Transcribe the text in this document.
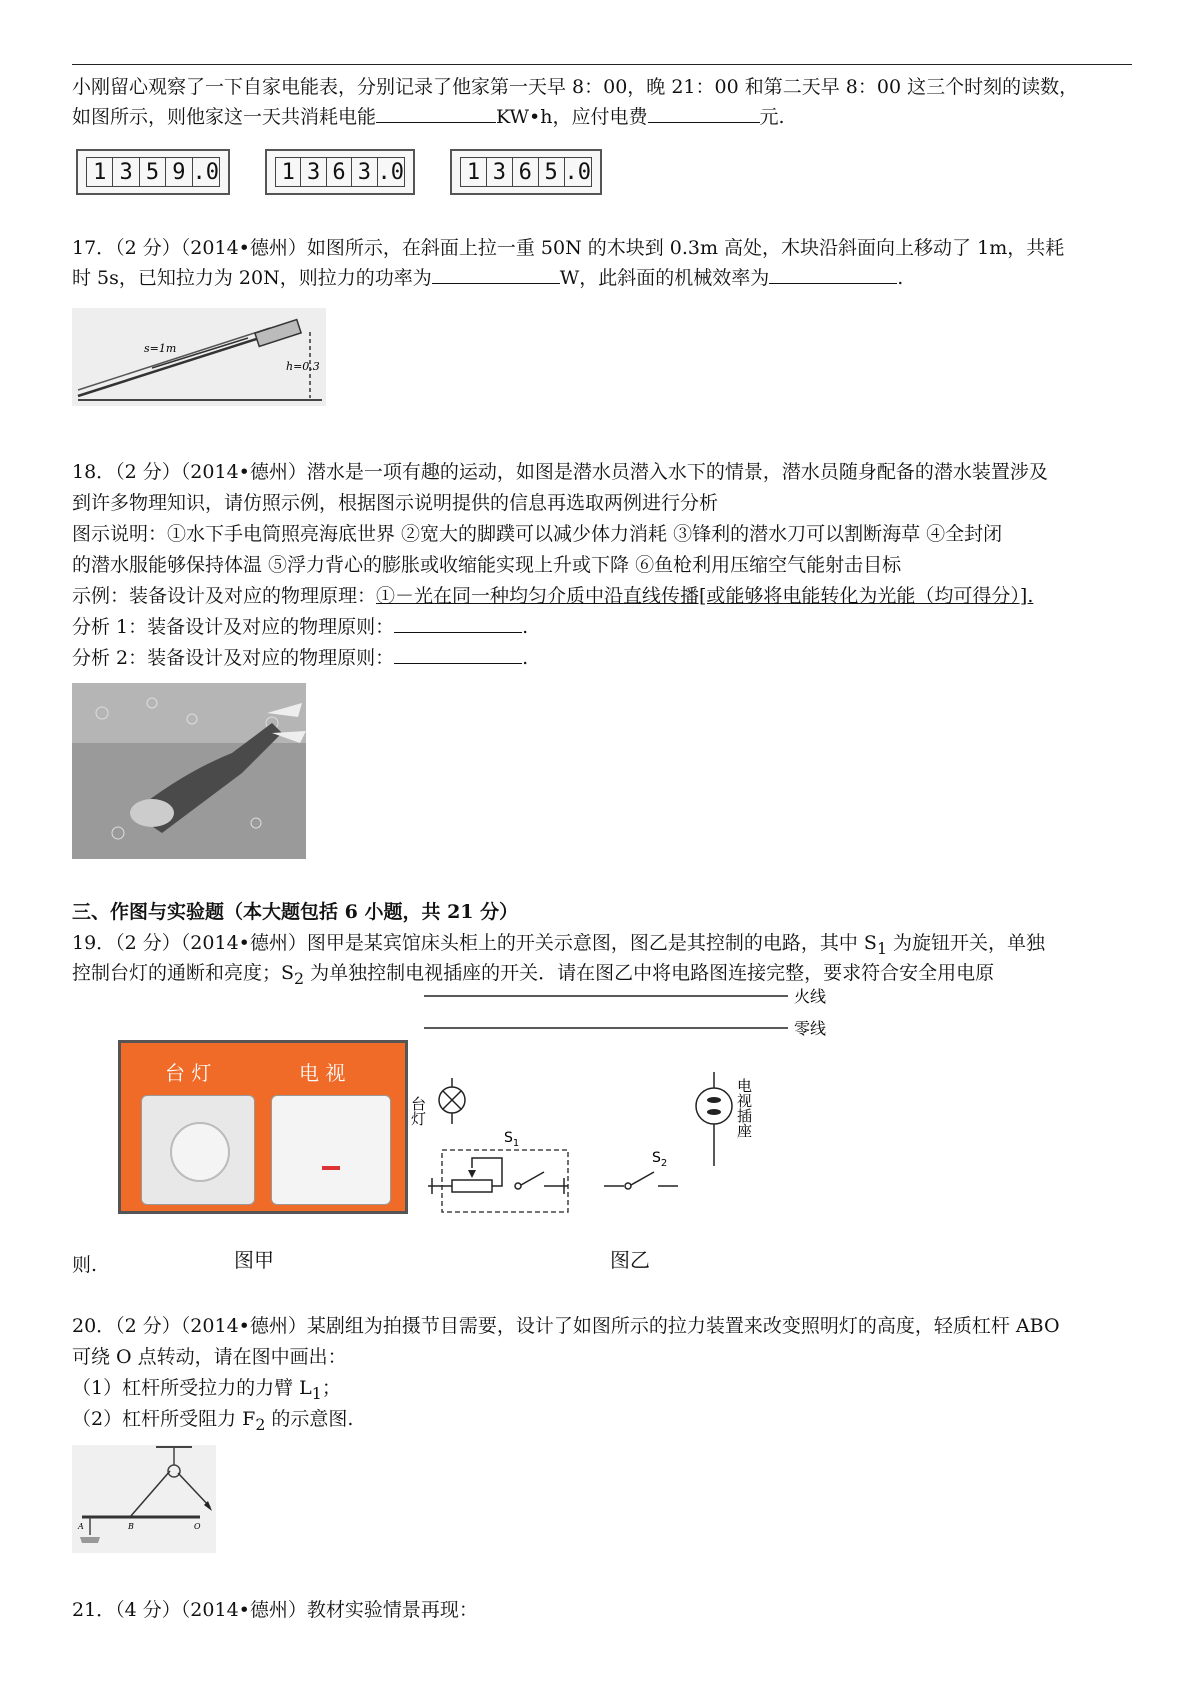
小刚留心观察了一下自家电能表，分别记录了他家第一天早 8：00，晚 21：00 和第二天早 8：00 这三个时刻的读数，
如图所示，则他家这一天共消耗电能	KW•h，应付电费	元.
1 3 5 9 .0	1 3 6 3 .0	1 3 6 5 .0
17．（2 分）（2014•德州）如图所示，在斜面上拉一重 50N 的木块到 0.3m 高处，木块沿斜面向上移动了 1m，共耗
时 5s，已知拉力为 20N，则拉力的功率为	W，此斜面的机械效率为	.
s=1m
h=0.3
18．（2 分）（2014•德州）潜水是一项有趣的运动，如图是潜水员潜入水下的情景，潜水员随身配备的潜水装置涉及
到许多物理知识，请仿照示例，根据图示说明提供的信息再选取两例进行分析
图示说明：①水下手电筒照亮海底世界 ②宽大的脚蹼可以减少体力消耗 ③锋利的潜水刀可以割断海草 ④全封闭
的潜水服能够保持体温 ⑤浮力背心的膨胀或收缩能实现上升或下降 ⑥鱼枪利用压缩空气能射击目标
示例：装备设计及对应的物理原理：①－光在同一种均匀介质中沿直线传播[或能够将电能转化为光能（均可得分）].
分析 1：装备设计及对应的物理原则：	.
分析 2：装备设计及对应的物理原则：	.
三、作图与实验题（本大题包括 6 小题，共 21 分）
19．（2 分）（2014•德州）图甲是某宾馆床头柜上的开关示意图，图乙是其控制的电路，其中 $S_1$ 为旋钮开关，单独
控制台灯的通断和亮度；$S_2$ 为单独控制电视插座的开关．请在图乙中将电路图连接完整，要求符合安全用电原
台 灯	电 视
火线
零线
台灯
$S_1$
$S_2$
电视插座
则.	图甲	图乙
20．（2 分）（2014•德州）某剧组为拍摄节目需要，设计了如图所示的拉力装置来改变照明灯的高度，轻质杠杆 ABO
可绕 O 点转动，请在图中画出：
（1）杠杆所受拉力的力臂 $L_1$；
（2）杠杆所受阻力 $F_2$ 的示意图.
A	B	O
21．（4 分）（2014•德州）教材实验情景再现：
